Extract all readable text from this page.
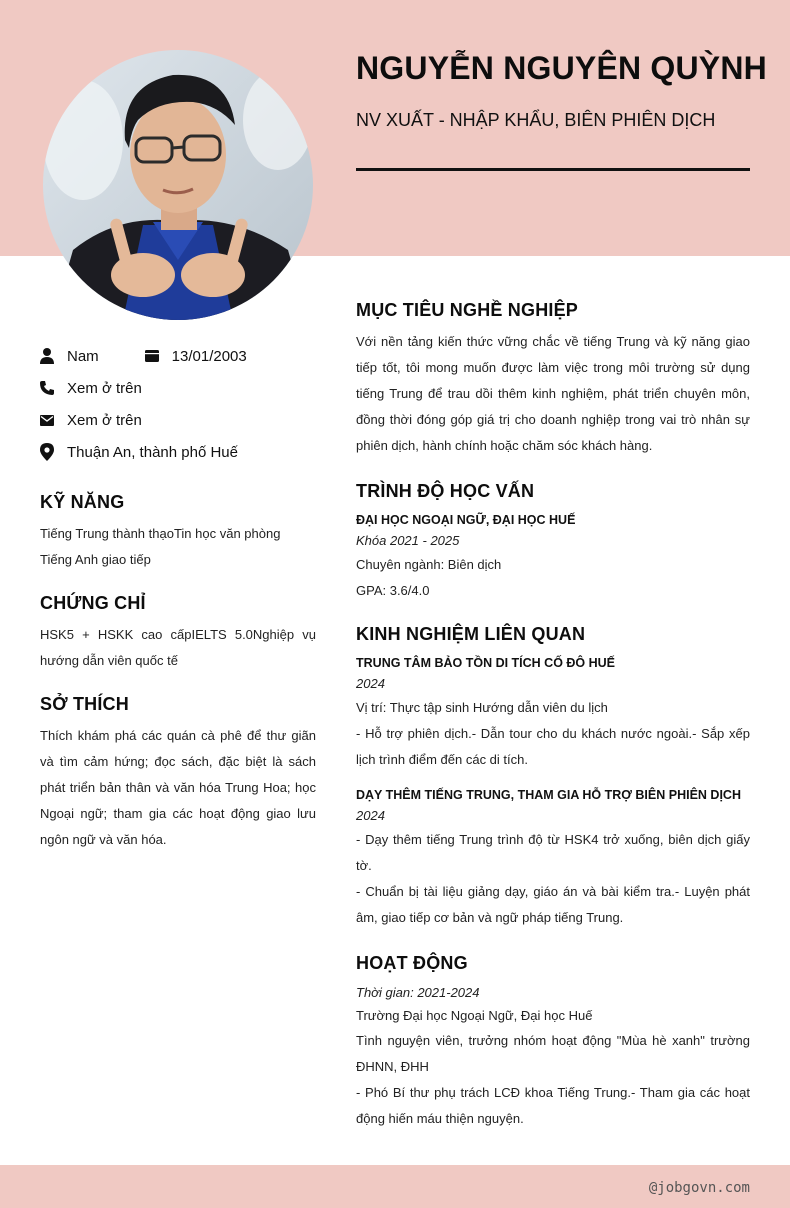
NGUYỄN NGUYÊN QUỲNH
NV XUẤT - NHẬP KHẨU, BIÊN PHIÊN DỊCH
Nam	13/01/2003
Xem ở trên
Xem ở trên
Thuận An, thành phố Huế
KỸ NĂNG
Tiếng Trung thành thạoTin học văn phòng
Tiếng Anh giao tiếp
CHỨNG CHỈ
HSK5 + HSKK cao cấpIELTS 5.0Nghiệp vụ hướng dẫn viên quốc tế
SỞ THÍCH
Thích khám phá các quán cà phê để thư giãn và tìm cảm hứng; đọc sách, đặc biệt là sách phát triển bản thân và văn hóa Trung Hoa; học Ngoại ngữ; tham gia các hoạt động giao lưu ngôn ngữ và văn hóa.
MỤC TIÊU NGHỀ NGHIỆP
Với nền tảng kiến thức vững chắc về tiếng Trung và kỹ năng giao tiếp tốt, tôi mong muốn được làm việc trong môi trường sử dụng tiếng Trung để trau dồi thêm kinh nghiệm, phát triển chuyên môn, đồng thời đóng góp giá trị cho doanh nghiệp trong vai trò nhân sự phiên dịch, hành chính hoặc chăm sóc khách hàng.
TRÌNH ĐỘ HỌC VẤN
ĐẠI HỌC NGOẠI NGỮ, ĐẠI HỌC HUẾ
Khóa 2021 - 2025
Chuyên ngành: Biên dịch
GPA: 3.6/4.0
KINH NGHIỆM LIÊN QUAN
TRUNG TÂM BẢO TỒN DI TÍCH CỐ ĐÔ HUẾ
2024
Vị trí: Thực tập sinh Hướng dẫn viên du lịch
- Hỗ trợ phiên dịch.- Dẫn tour cho du khách nước ngoài.- Sắp xếp lịch trình điểm đến các di tích.
DẠY THÊM TIẾNG TRUNG, THAM GIA HỖ TRỢ BIÊN PHIÊN DỊCH
2024
- Dạy thêm tiếng Trung trình độ từ HSK4 trở xuống, biên dịch giấy tờ.
- Chuẩn bị tài liệu giảng dạy, giáo án và bài kiểm tra.- Luyện phát âm, giao tiếp cơ bản và ngữ pháp tiếng Trung.
HOẠT ĐỘNG
Thời gian: 2021-2024
Trường Đại học Ngoại Ngữ, Đại học Huế
Tình nguyện viên, trưởng nhóm hoạt động "Mùa hè xanh" trường ĐHNN, ĐHH
- Phó Bí thư phụ trách LCĐ khoa Tiếng Trung.- Tham gia các hoạt động hiến máu thiện nguyện.
@jobgovn.com
